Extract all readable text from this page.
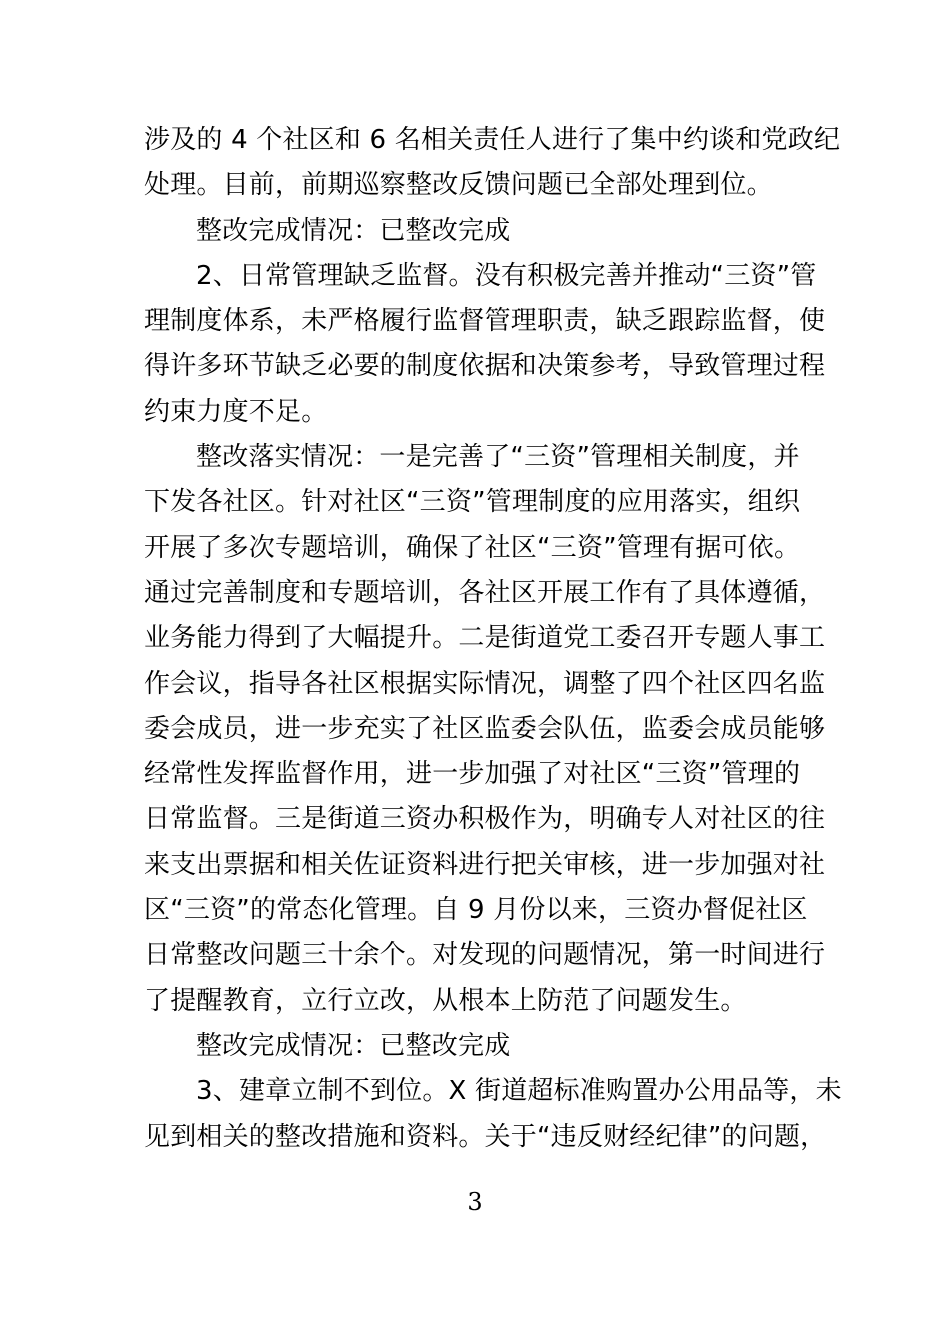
涉及的 4 个社区和 6 名相关责任人进行了集中约谈和党政纪
处理。目前，前期巡察整改反馈问题已全部处理到位。
整改完成情况：已整改完成
2、日常管理缺乏监督。没有积极完善并推动“三资”管
理制度体系，未严格履行监督管理职责，缺乏跟踪监督，使
得许多环节缺乏必要的制度依据和决策参考，导致管理过程
约束力度不足。
整改落实情况：一是完善了“三资”管理相关制度，并
下发各社区。针对社区“三资”管理制度的应用落实，组织
开展了多次专题培训，确保了社区“三资”管理有据可依。
通过完善制度和专题培训，各社区开展工作有了具体遵循，
业务能力得到了大幅提升。二是街道党工委召开专题人事工
作会议，指导各社区根据实际情况，调整了四个社区四名监
委会成员，进一步充实了社区监委会队伍，监委会成员能够
经常性发挥监督作用，进一步加强了对社区“三资”管理的
日常监督。三是街道三资办积极作为，明确专人对社区的往
来支出票据和相关佐证资料进行把关审核，进一步加强对社
区“三资”的常态化管理。自 9 月份以来，三资办督促社区
日常整改问题三十余个。对发现的问题情况，第一时间进行
了提醒教育，立行立改，从根本上防范了问题发生。
整改完成情况：已整改完成
3、建章立制不到位。X 街道超标准购置办公用品等，未
见到相关的整改措施和资料。关于“违反财经纪律”的问题，
3
